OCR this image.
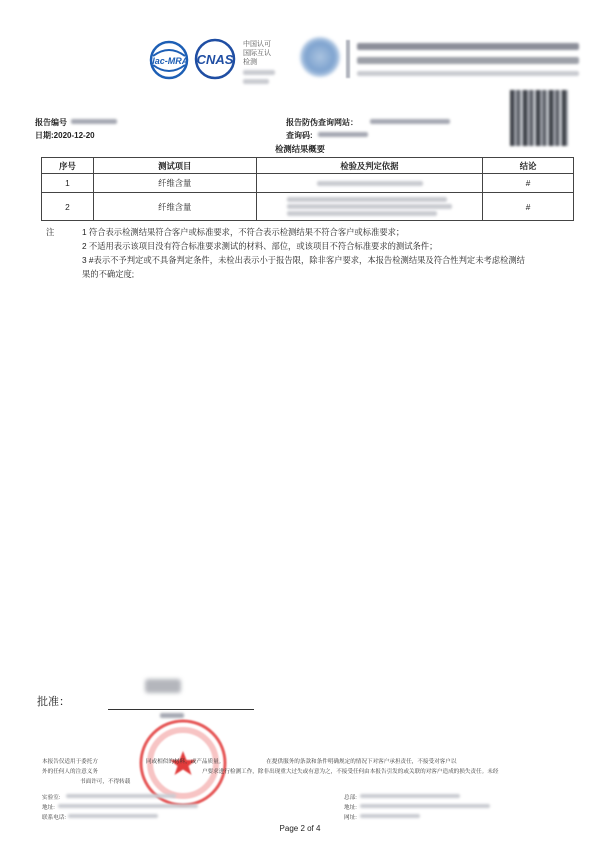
ilac-MRA CNAS
中国认可
国际互认
检测
报告编号
日期:2020-12-20
报告防伪查询网站：
查询码:
检测结果概要
序号	测试项目	检验及判定依据	结论
1	纤维含量		#
2	纤维含量		#
注	1 符合表示检测结果符合客户或标准要求，不符合表示检测结果不符合客户或标准要求；
2 不适用表示该项目没有符合标准要求测试的材料、部位，或该项目不符合标准要求的测试条件；
3 #表示不予判定或不具备判定条件，未检出表示小于报告限，除非客户要求，本报告检测结果及符合性判定未考虑检测结
果的不确定度;
批准：
本报告仅适用于委托方	同或相似的材料，或产品质量。	在提供服务的条款和条件明确规定的情况下对客户承担责任，不接受对客户以
外的任何人的注意义务	户要求进行检测工作，除非出现重大过失或有意为之，不接受任何由本报告引发的或关联的对客户造成的损失责任。未经
书面许可，不得转载
实验室:
地址:
联系电话:
总部:
地址:
网址:
Page 2 of 4
